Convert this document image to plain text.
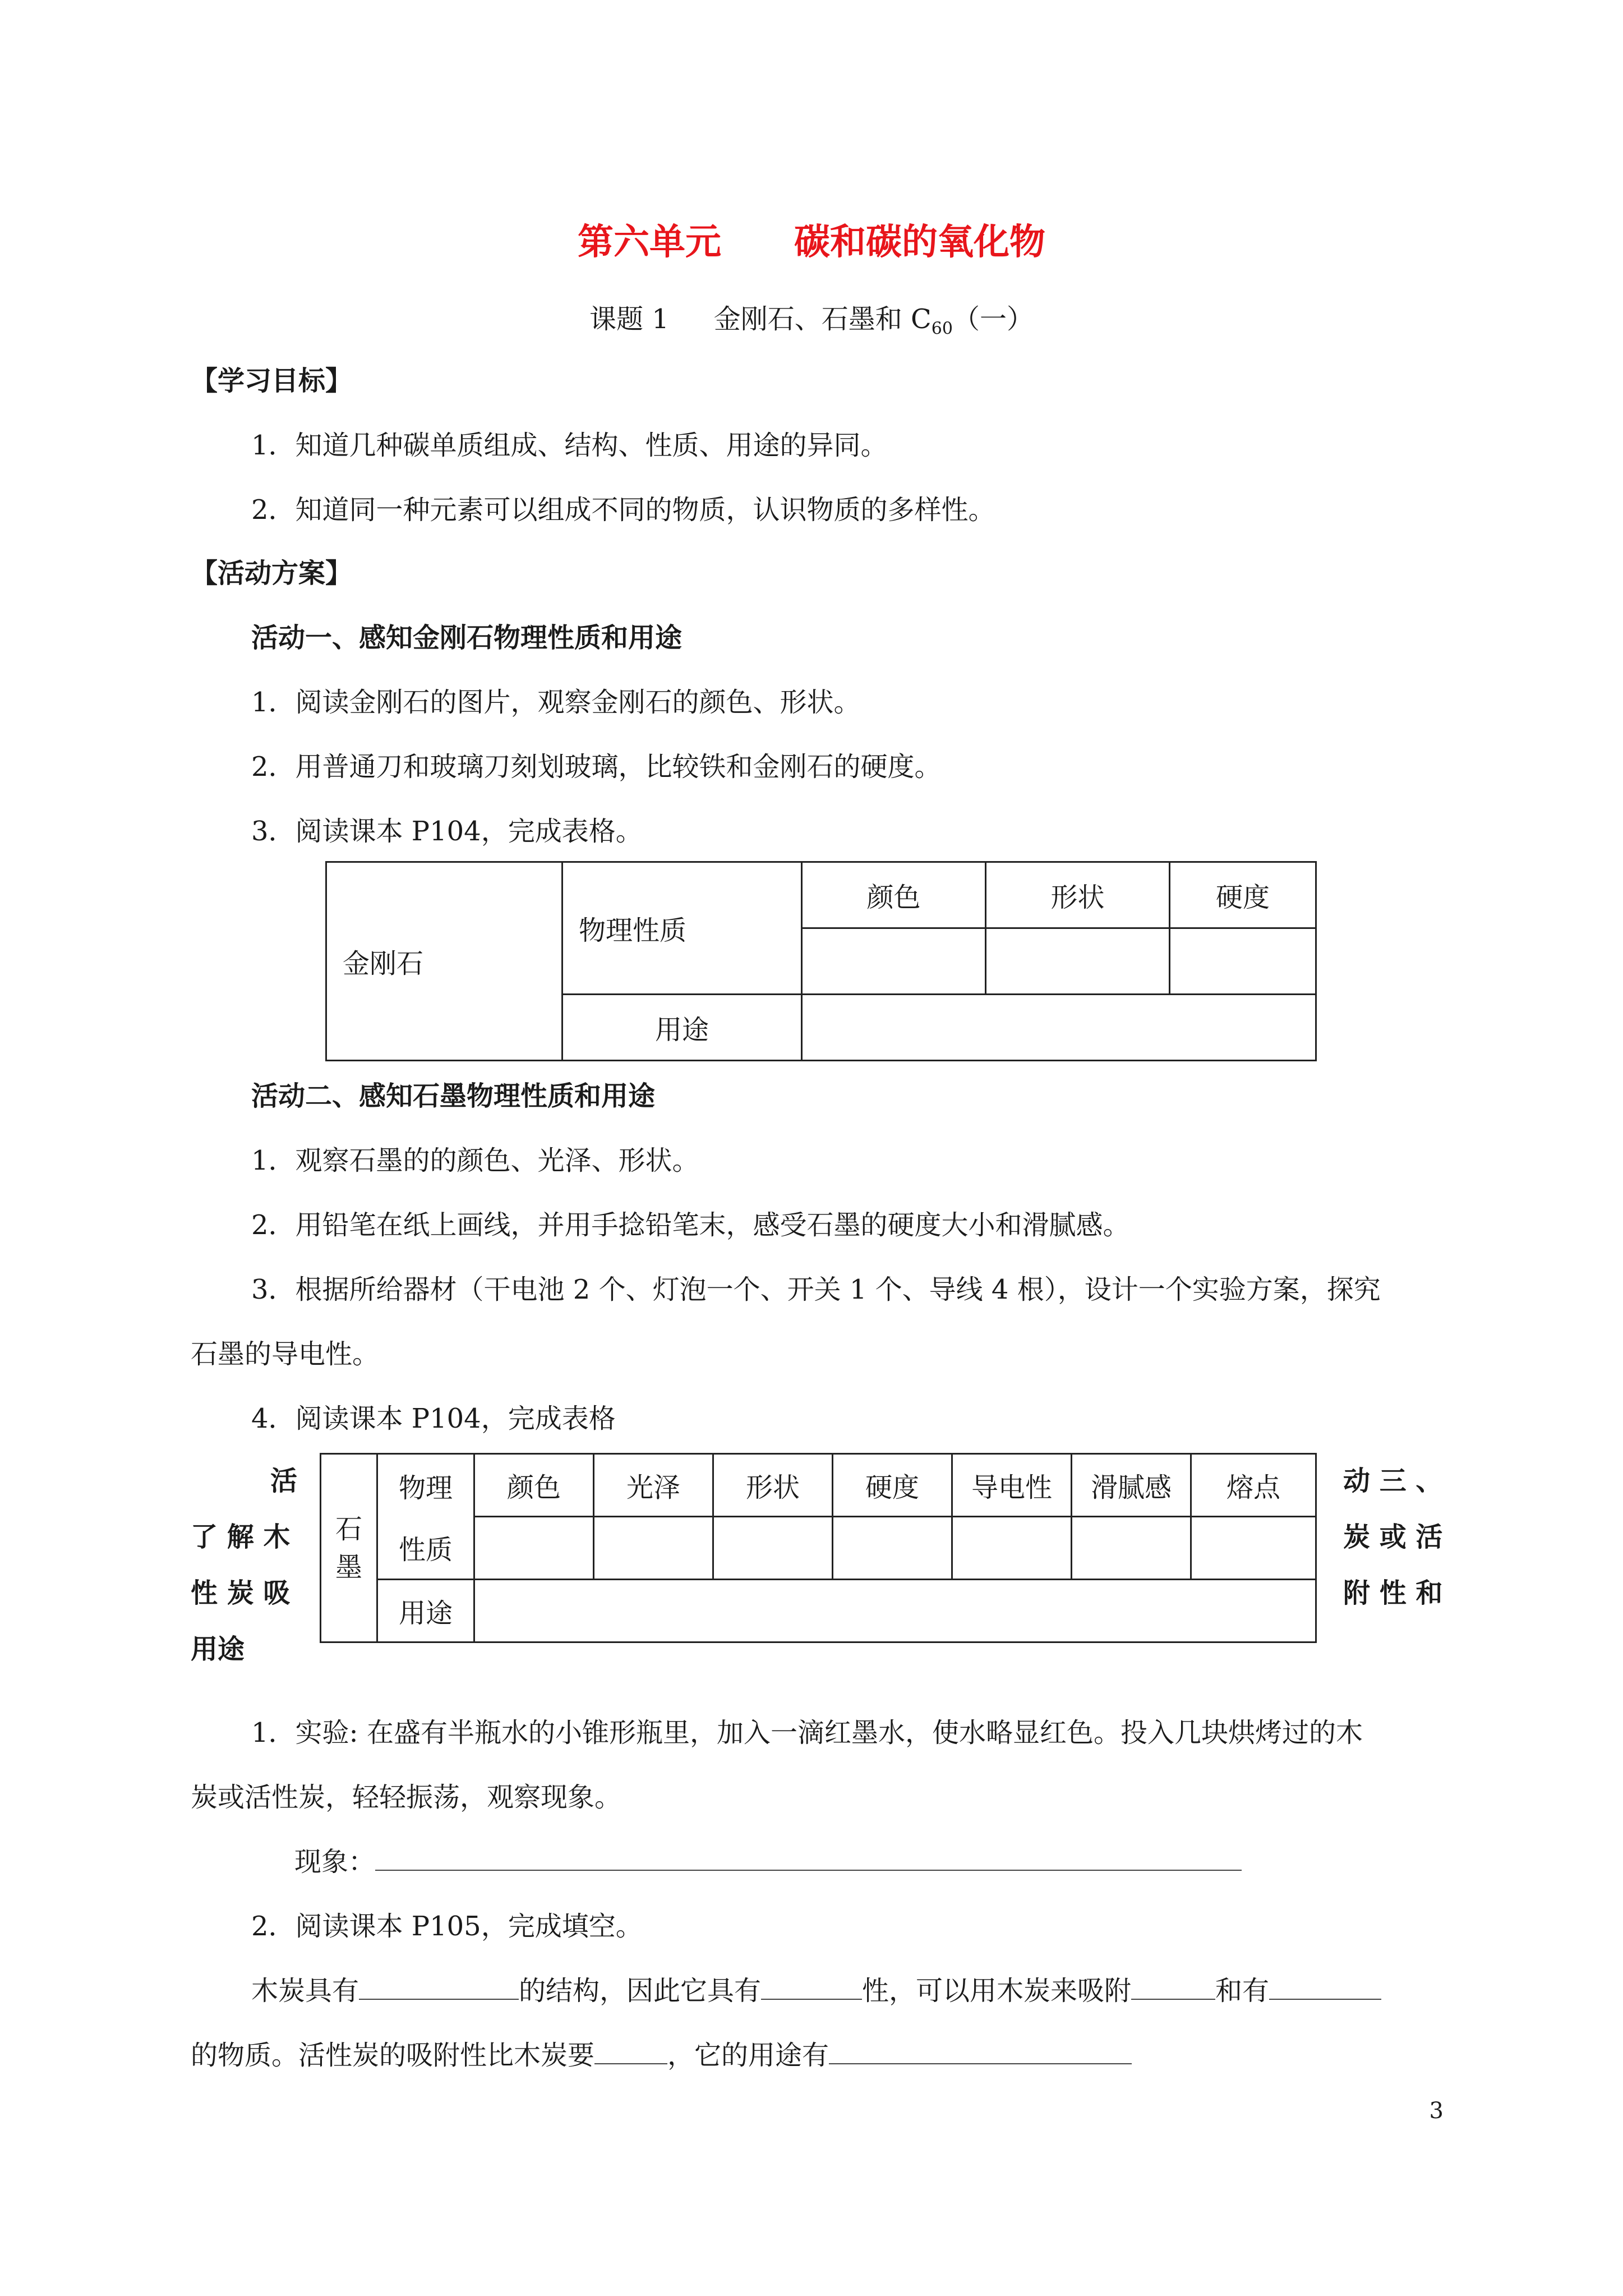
第六单元 碳和碳的氧化物
课题 1 金刚石、石墨和 $C_{60}$（一）
【学习目标】
1．知道几种碳单质组成、结构、性质、用途的异同。
2．知道同一种元素可以组成不同的物质，认识物质的多样性。
【活动方案】
活动一、感知金刚石物理性质和用途
1．阅读金刚石的图片，观察金刚石的颜色、形状。
2．用普通刀和玻璃刀刻划玻璃，比较铁和金刚石的硬度。
3．阅读课本 P104，完成表格。
金刚石	物理性质	颜色	形状	硬度

	用途			
活动二、感知石墨物理性质和用途
1．观察石墨的的颜色、光泽、形状。
2．用铅笔在纸上画线，并用手捻铅笔末，感受石墨的硬度大小和滑腻感。
3．根据所给器材（干电池 2 个、灯泡一个、开关 1 个、导线 4 根），设计一个实验方案，探究
石墨的导电性。
4．阅读课本 P104，完成表格
活
了 解 木
性 炭 吸
用途
石
墨	物理	颜色	光泽	形状	硬度	导电性	滑腻感	熔点
	性质							
	用途							
动 三 、
炭 或 活
附 性 和
1．实验: 在盛有半瓶水的小锥形瓶里，加入一滴红墨水，使水略显红色。投入几块烘烤过的木
炭或活性炭，轻轻振荡，观察现象。
现象：
2．阅读课本 P105，完成填空。
木炭具有	的结构，因此它具有	性，可以用木炭来吸附	和有
的物质。活性炭的吸附性比木炭要	，它的用途有
3
